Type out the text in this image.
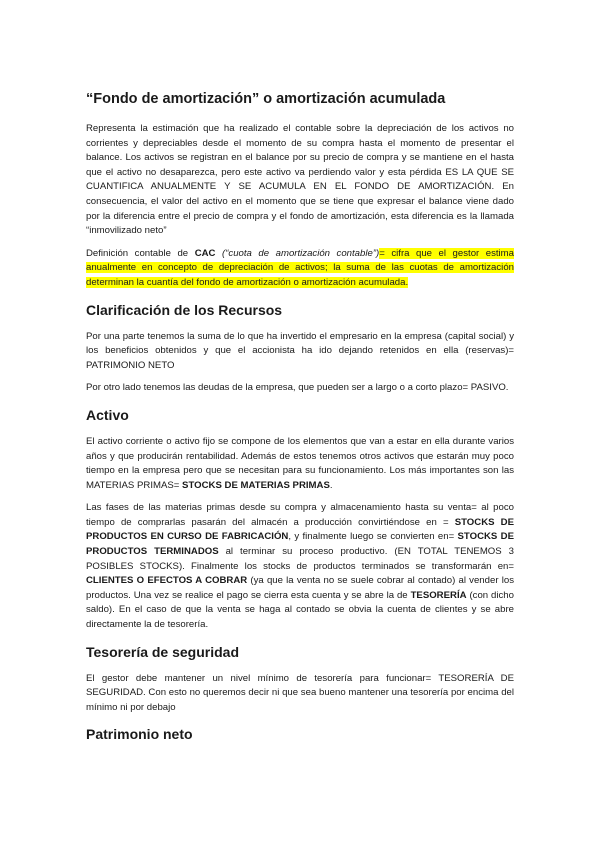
“Fondo de amortización” o amortización acumulada

Representa la estimación que ha realizado el contable sobre la depreciación de los activos no corrientes y depreciables desde el momento de su compra hasta el momento de presentar el balance. Los activos se registran en el balance por su precio de compra y se mantiene en el hasta que el activo no desaparezca, pero este activo va perdiendo valor y esta pérdida ES LA QUE SE CUANTIFICA ANUALMENTE Y SE ACUMULA EN EL FONDO DE AMORTIZACIÓN. En consecuencia, el valor del activo en el momento que se tiene que expresar el balance viene dado por la diferencia entre el precio de compra y el fondo de amortización, esta diferencia es la llamada “inmovilizado neto”

Definición contable de CAC (“cuota de amortización contable”)= cifra que el gestor estima anualmente en concepto de depreciación de activos; la suma de las cuotas de amortización determinan la cuantía del fondo de amortización o amortización acumulada.

Clarificación de los Recursos

Por una parte tenemos la suma de lo que ha invertido el empresario en la empresa (capital social) y los beneficios obtenidos y que el accionista ha ido dejando retenidos en ella (reservas)= PATRIMONIO NETO

Por otro lado tenemos las deudas de la empresa, que pueden ser a largo o a corto plazo= PASIVO.

Activo

El activo corriente o activo fijo se compone de los elementos que van a estar en ella durante varios años y que producirán rentabilidad. Además de estos tenemos otros activos que estarán muy poco tiempo en la empresa pero que se necesitan para su funcionamiento. Los más importantes son las MATERIAS PRIMAS= STOCKS DE MATERIAS PRIMAS.

Las fases de las materias primas desde su compra y almacenamiento hasta su venta= al poco tiempo de comprarlas pasarán del almacén a producción convirtiéndose en = STOCKS DE PRODUCTOS EN CURSO DE FABRICACIÓN, y finalmente luego se convierten en= STOCKS DE PRODUCTOS TERMINADOS al terminar su proceso productivo. (EN TOTAL TENEMOS 3 POSIBLES STOCKS). Finalmente los stocks de productos terminados se transformarán en= CLIENTES O EFECTOS A COBRAR (ya que la venta no se suele cobrar al contado) al vender los productos. Una vez se realice el pago se cierra esta cuenta y se abre la de TESORERÍA (con dicho saldo). En el caso de que la venta se haga al contado se obvia la cuenta de clientes y se abre directamente la de tesorería.

Tesorería de seguridad

El gestor debe mantener un nivel mínimo de tesorería para funcionar= TESORERÍA DE SEGURIDAD. Con esto no queremos decir ni que sea bueno mantener una tesorería por encima del mínimo ni por debajo

Patrimonio neto
